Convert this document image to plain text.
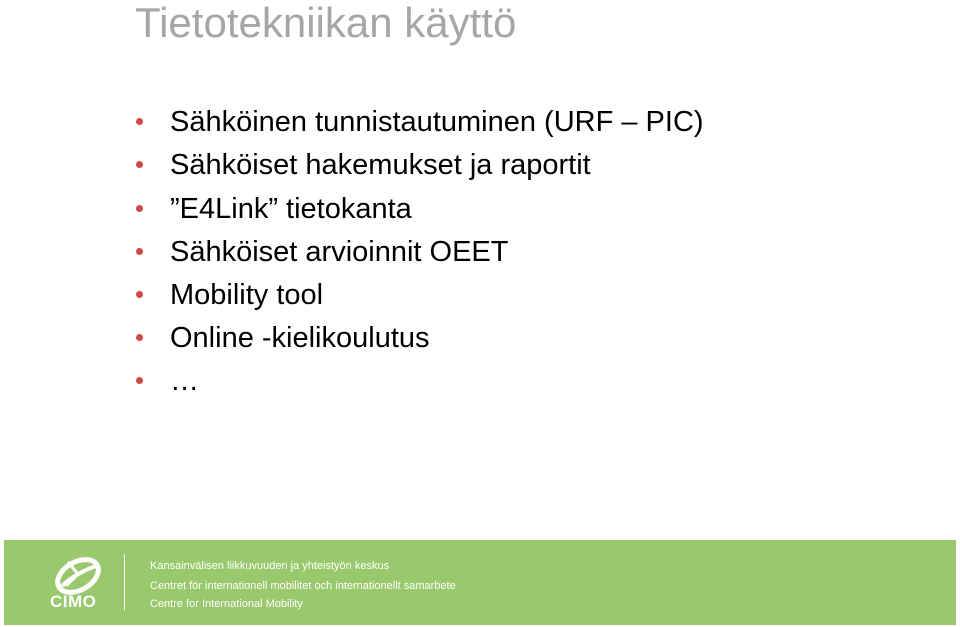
Tietotekniikan käyttö
Sähköinen tunnistautuminen (URF – PIC)
Sähköiset hakemukset ja raportit
”E4Link” tietokanta
Sähköiset arvioinnit OEET
Mobility tool
Online -kielikoulutus
…
CIMO
Kansainvälisen liikkuvuuden ja yhteistyön keskus
Centret för internationell mobilitet och internationellt samarbete
Centre for International Mobility
